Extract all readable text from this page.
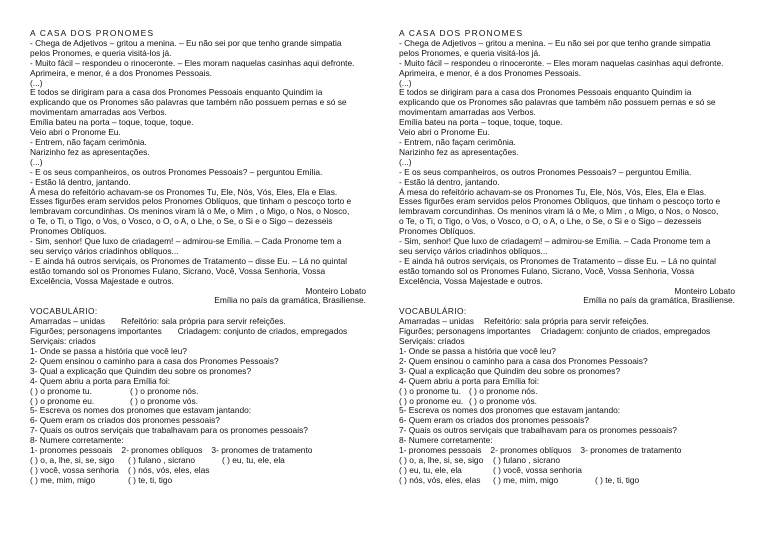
A CASA DOS PRONOMES
- Chega de Adjetivos – gritou a menina. – Eu não sei por que tenho grande simpatia
pelos Pronomes, e queria visitá-los já.
- Muito fácil – respondeu o rinoceronte. – Eles moram naquelas casinhas aqui defronte.
Aprimeira, e menor, é a dos Pronomes Pessoais.
(...)
E todos se dirigiram para a casa dos Pronomes Pessoais enquanto Quindim ia
explicando que os Pronomes são palavras que também não possuem pernas e só se
movimentam amarradas aos Verbos.
Emília bateu na porta – toque, toque, toque.
Veio abri o Pronome Eu.
- Entrem, não façam cerimônia.
Narizinho fez as apresentações.
(...)
- E os seus companheiros, os outros Pronomes Pessoais? – perguntou Emília.
- Estão lá dentro, jantando.
Á mesa do refeitório achavam-se os Pronomes Tu, Ele, Nós, Vós, Eles, Ela e Elas.
Esses figurões eram servidos pelos Pronomes Oblíquos, que tinham o pescoço torto e
lembravam corcundinhas. Os meninos viram lá o Me, o Mim , o Migo, o Nos, o Nosco,
o Te, o Ti, o Tigo, o Vos, o Vosco, o O, o A, o Lhe, o Se, o Si e o Sigo – dezesseis
Pronomes Oblíquos.
- Sim, senhor! Que luxo de criadagem! – admirou-se Emília. – Cada Pronome tem a
seu serviço vários criadinhos oblíquos...
- E ainda há outros serviçais, os Pronomes de Tratamento – disse Eu. – Lá no quintal
estão tomando sol os Pronomes Fulano, Sicrano, Você, Vossa Senhoria, Vossa
Excelência, Vossa Majestade e outros.
Monteiro Lobato
Emília no país da gramática, Brasiliense.
VOCABULÁRIO:
Amarradas – unidas Refeitório: sala própria para servir refeições.
Figurões; personagens importantes Criadagem: conjunto de criados, empregados
Serviçais: criados
1- Onde se passa a história que você leu?
2- Quem ensinou o caminho para a casa dos Pronomes Pessoais?
3- Qual a explicação que Quindim deu sobre os pronomes?
4- Quem abriu a porta para Emília foi:
( ) o pronome tu.	( ) o pronome nós.
( ) o pronome eu.	( ) o pronome vós.
5- Escreva os nomes dos pronomes que estavam jantando:
6- Quem eram os criados dos pronomes pessoais?
7- Quais os outros serviçais que trabalhavam para os pronomes pessoais?
8- Numere corretamente:
1- pronomes pessoais 2- pronomes oblíquos 3- pronomes de tratamento
( ) o, a, lhe, si, se, sigo ( ) fulano , sicrano	( ) eu, tu, ele, ela
( ) você, vossa senhoria ( ) nós, vós, eles, elas
( ) me, mim, migo	( ) te, ti, tigo
A CASA DOS PRONOMES
- Chega de Adjetivos – gritou a menina. – Eu não sei por que tenho grande simpatia
pelos Pronomes, e queria visitá-los já.
- Muito fácil – respondeu o rinoceronte. – Eles moram naquelas casinhas aqui defronte.
Aprimeira, e menor, é a dos Pronomes Pessoais.
(...)
E todos se dirigiram para a casa dos Pronomes Pessoais enquanto Quindim ia
explicando que os Pronomes são palavras que também não possuem pernas e só se
movimentam amarradas aos Verbos.
Emília bateu na porta – toque, toque, toque.
Veio abri o Pronome Eu.
- Entrem, não façam cerimônia.
Narizinho fez as apresentações.
(...)
- E os seus companheiros, os outros Pronomes Pessoais? – perguntou Emília.
- Estão lá dentro, jantando.
Á mesa do refeitório achavam-se os Pronomes Tu, Ele, Nós, Vós, Eles, Ela e Elas.
Esses figurões eram servidos pelos Pronomes Oblíquos, que tinham o pescoço torto e
lembravam corcundinhas. Os meninos viram lá o Me, o Mim , o Migo, o Nos, o Nosco,
o Te, o Ti, o Tigo, o Vos, o Vosco, o O, o A, o Lhe, o Se, o Si e o Sigo – dezesseis
Pronomes Oblíquos.
- Sim, senhor! Que luxo de criadagem! – admirou-se Emília. – Cada Pronome tem a
seu serviço vários criadinhos oblíquos...
- E ainda há outros serviçais, os Pronomes de Tratamento – disse Eu. – Lá no quintal
estão tomando sol os Pronomes Fulano, Sicrano, Você, Vossa Senhoria, Vossa
Excelência, Vossa Majestade e outros.
Monteiro Lobato
Emília no país da gramática, Brasiliense.
VOCABULÁRIO:
Amarradas – unidas Refeitório: sala própria para servir refeições.
Figurões; personagens importantes Criadagem: conjunto de criados, empregados
Serviçais: criados
1- Onde se passa a história que você leu?
2- Quem ensinou o caminho para a casa dos Pronomes Pessoais?
3- Qual a explicação que Quindim deu sobre os pronomes?
4- Quem abriu a porta para Emília foi:
( ) o pronome tu. ( ) o pronome nós.
( ) o pronome eu. ( ) o pronome vós.
5- Escreva os nomes dos pronomes que estavam jantando:
6- Quem eram os criados dos pronomes pessoais?
7- Quais os outros serviçais que trabalhavam para os pronomes pessoais?
8- Numere corretamente:
1- pronomes pessoais 2- pronomes oblíquos 3- pronomes de tratamento
( ) o, a, lhe, si, se, sigo ( ) fulano , sicrano
( ) eu, tu, ele, ela	( ) você, vossa senhoria
( ) nós, vós, eles, elas ( ) me, mim, migo	( ) te, ti, tigo
